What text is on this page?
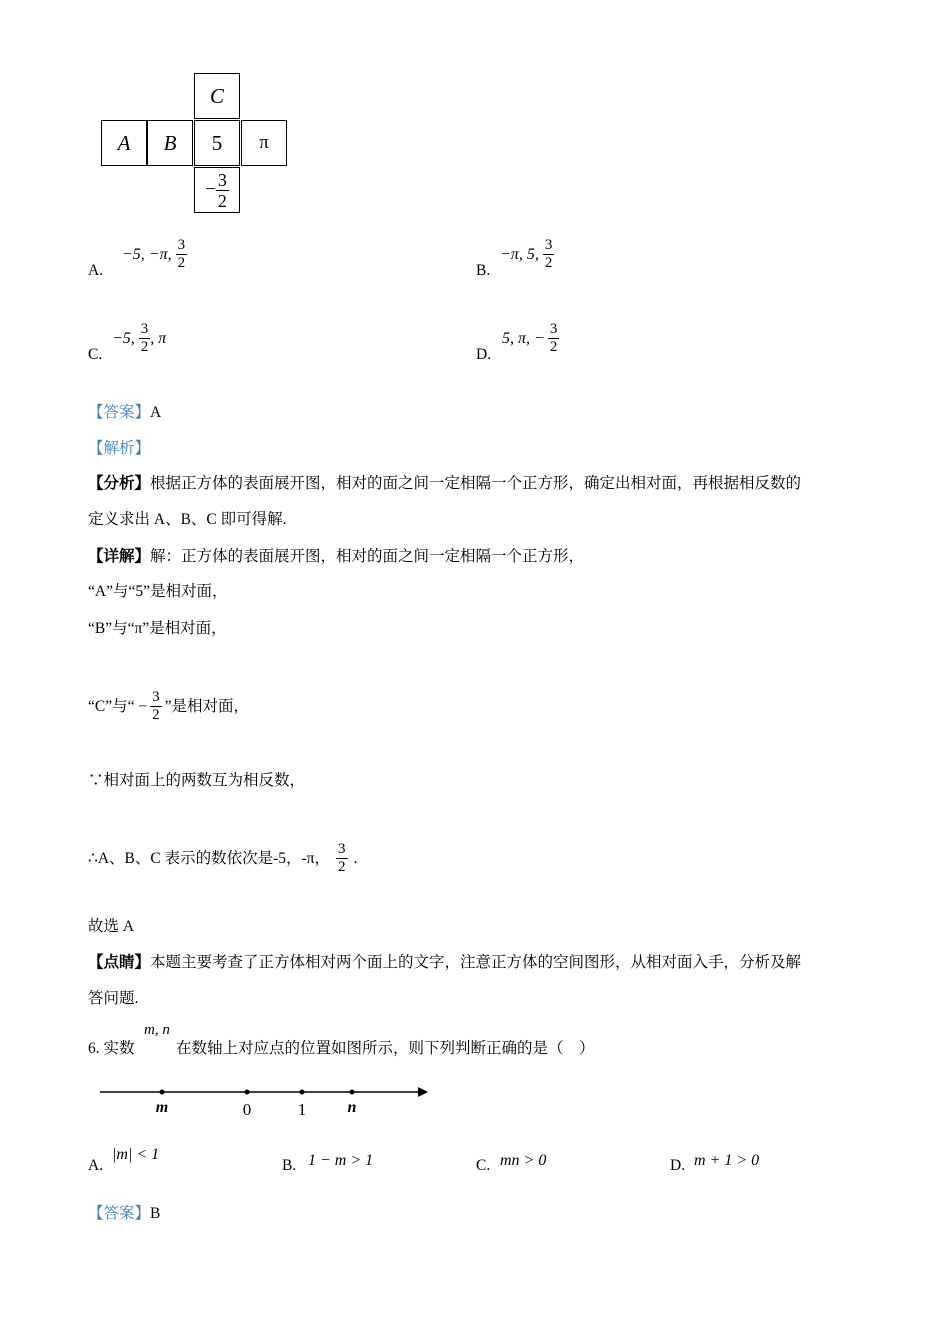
C
A	B	5	π
− $\frac{3}{2}$
A.
−5, −π, $\frac{3}{2}$	B.
−π, 5, $\frac{3}{2}$
C.
−5, $\frac{3}{2}$ , π
D.
5, π, − $\frac{3}{2}$
【答案】A
【解析】
【分析】根据正方体的表面展开图，相对的面之间一定相隔一个正方形，确定出相对面，再根据相反数的
定义求出 A、B、C 即可得解.
【详解】解：正方体的表面展开图，相对的面之间一定相隔一个正方形，
“A”与“5”是相对面，
“B”与“π”是相对面，
“C”与“ − $\frac{3}{2}$ ”是相对面，
∵相对面上的两数互为相反数，
∴A、B、C 表示的数依次是-5，-π， $\frac{3}{2}$ .
故选 A
【点睛】本题主要考查了正方体相对两个面上的文字，注意正方体的空间图形，从相对面入手，分析及解
答问题.
6. 实数
m, n
在数轴上对应点的位置如图所示，则下列判断正确的是（　）
m	0	1	n
A.
|m| < 1
B. 1 − m > 1	C. mn > 0	D. m + 1 > 0
【答案】B
